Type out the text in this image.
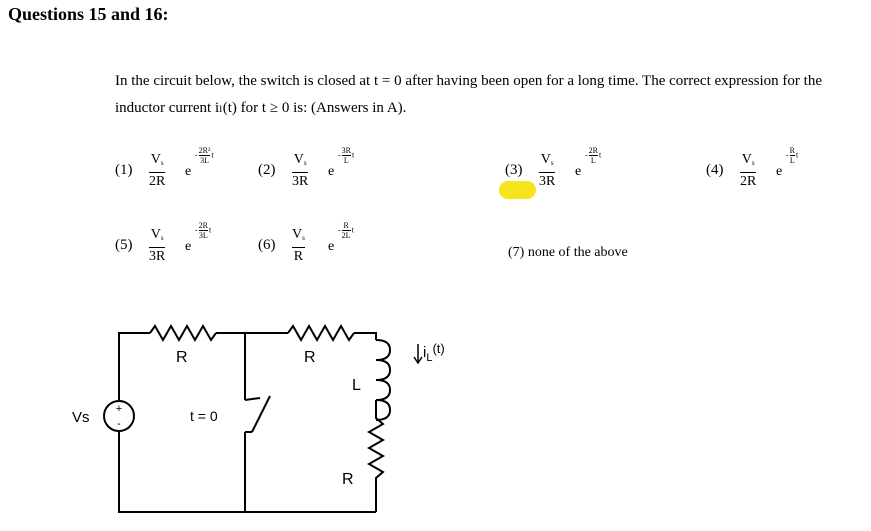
Questions 15 and 16:
In the circuit below, the switch is closed at t = 0 after having been open for a long time. The correct expression for the inductor current iₗ(t) for t ≥ 0 is: (Answers in A).
(1)
Vs
2R
e
- $\frac{\text{2R²}}{3L}$ t
(2)
Vs
3R
e
- $\frac{3R}{L}$ t
(3)
Vs
3R
e
- $\frac{2R}{L}$ t
(4)
Vs
2R
e
- $\frac{R}{L}$ t
(5)
Vs
3R
e
- $\frac{2R}{3L}$ t
(6)
Vs
R
e
- $\frac{R}{2L}$ t
(7) none of the above
+
-
Vs
R	R
L
R
t = 0
$i_L(t)$
